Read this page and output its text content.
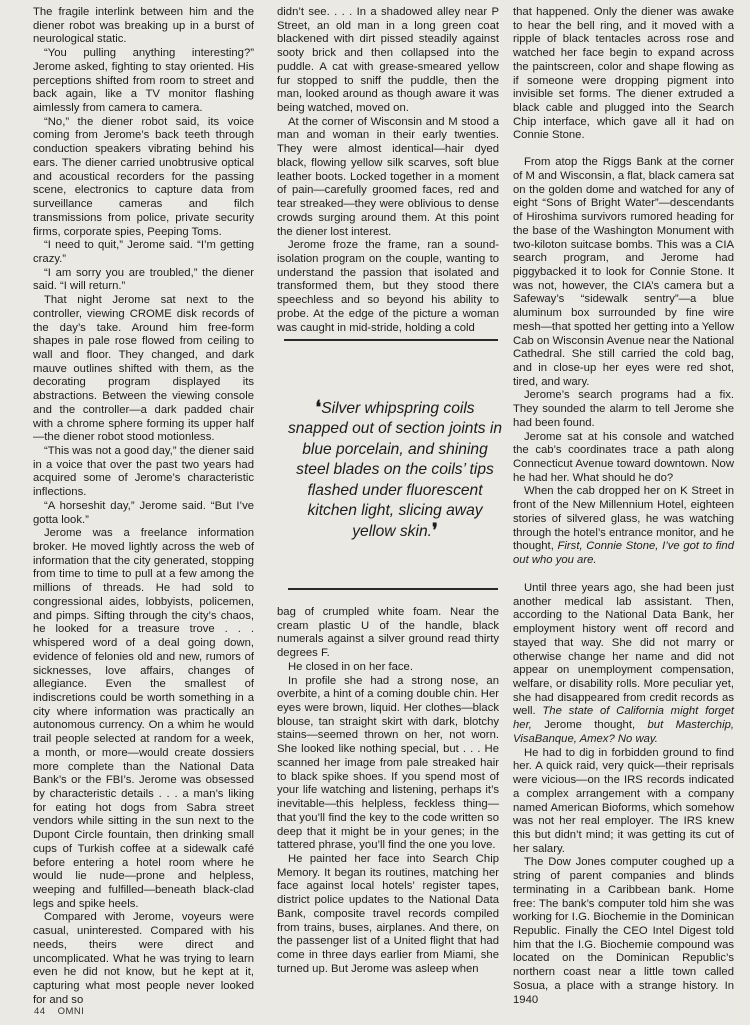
The fragile interlink between him and the diener robot was breaking up in a burst of neurological static.

“You pulling anything interesting?” Jerome asked, fighting to stay oriented. His perceptions shifted from room to street and back again, like a TV monitor flashing aimlessly from camera to camera.

“No,” the diener robot said, its voice coming from Jerome’s back teeth through conduction speakers vibrating behind his ears. The diener carried unobtrusive optical and acoustical recorders for the passing scene, electronics to capture data from surveillance cameras and filch transmissions from police, private security firms, corporate spies, Peeping Toms.

“I need to quit,” Jerome said. “I’m getting crazy.”

“I am sorry you are troubled,” the diener said. “I will return.”

That night Jerome sat next to the controller, viewing CROME disk records of the day’s take. Around him free-form shapes in pale rose flowed from ceiling to wall and floor. They changed, and dark mauve outlines shifted with them, as the decorating program displayed its abstractions. Between the viewing console and the controller—a dark padded chair with a chrome sphere forming its upper half—the diener robot stood motionless.

“This was not a good day,” the diener said in a voice that over the past two years had acquired some of Jerome’s characteristic inflections.

“A horseshit day,” Jerome said. “But I’ve gotta look.”

Jerome was a freelance information broker. He moved lightly across the web of information that the city generated, stopping from time to time to pull at a few among the millions of threads. He had sold to congressional aides, lobbyists, policemen, and pimps. Sifting through the city’s chaos, he looked for a treasure trove . . . whispered word of a deal going down, evidence of felonies old and new, rumors of sicknesses, love affairs, changes of allegiance. Even the smallest of indiscretions could be worth something in a city where information was practically an autonomous currency. On a whim he would trail people selected at random for a week, a month, or more—would create dossiers more complete than the National Data Bank’s or the FBI’s. Jerome was obsessed by characteristic details . . . a man’s liking for eating hot dogs from Sabra street vendors while sitting in the sun next to the Dupont Circle fountain, then drinking small cups of Turkish coffee at a sidewalk café before entering a hotel room where he would lie nude—prone and helpless, weeping and fulfilled—beneath black-clad legs and spike heels.

Compared with Jerome, voyeurs were casual, uninterested. Compared with his needs, theirs were direct and uncomplicated. What he was trying to learn even he did not know, but he kept at it, capturing what most people never looked for and so

didn’t see. . . . In a shadowed alley near P Street, an old man in a long green coat blackened with dirt pissed steadily against sooty brick and then collapsed into the puddle. A cat with grease-smeared yellow fur stopped to sniff the puddle, then the man, looked around as though aware it was being watched, moved on.

At the corner of Wisconsin and M stood a man and woman in their early twenties. They were almost identical—hair dyed black, flowing yellow silk scarves, soft blue leather boots. Locked together in a moment of pain—carefully groomed faces, red and tear streaked—they were oblivious to dense crowds surging around them. At this point the diener lost interest.

Jerome froze the frame, ran a sound-isolation program on the couple, wanting to understand the passion that isolated and transformed them, but they stood there speechless and so beyond his ability to probe. At the edge of the picture a woman was caught in mid-stride, holding a cold

❛Silver whipspring coils snapped out of section joints in blue porcelain, and shining steel blades on the coils’ tips flashed under fluorescent kitchen light, slicing away yellow skin.❜

bag of crumpled white foam. Near the cream plastic U of the handle, black numerals against a silver ground read thirty degrees F.

He closed in on her face.

In profile she had a strong nose, an overbite, a hint of a coming double chin. Her eyes were brown, liquid. Her clothes—black blouse, tan straight skirt with dark, blotchy stains—seemed thrown on her, not worn. She looked like nothing special, but . . . He scanned her image from pale streaked hair to black spike shoes. If you spend most of your life watching and listening, perhaps it’s inevitable—this helpless, feckless thing—that you’ll find the key to the code written so deep that it might be in your genes; in the tattered phrase, you’ll find the one you love.

He painted her face into Search Chip Memory. It began its routines, matching her face against local hotels’ register tapes, district police updates to the National Data Bank, composite travel records compiled from trains, buses, airplanes. And there, on the passenger list of a United flight that had come in three days earlier from Miami, she turned up. But Jerome was asleep when

that happened. Only the diener was awake to hear the bell ring, and it moved with a ripple of black tentacles across rose and watched her face begin to expand across the paintscreen, color and shape flowing as if someone were dropping pigment into invisible set forms. The diener extruded a black cable and plugged into the Search Chip interface, which gave all it had on Connie Stone.

From atop the Riggs Bank at the corner of M and Wisconsin, a flat, black camera sat on the golden dome and watched for any of eight “Sons of Bright Water”—descendants of Hiroshima survivors rumored heading for the base of the Washington Monument with two-kiloton suitcase bombs. This was a CIA search program, and Jerome had piggybacked it to look for Connie Stone. It was not, however, the CIA’s camera but a Safeway’s “sidewalk sentry”—a blue aluminum box surrounded by fine wire mesh—that spotted her getting into a Yellow Cab on Wisconsin Avenue near the National Cathedral. She still carried the cold bag, and in close-up her eyes were red shot, tired, and wary.

Jerome’s search programs had a fix. They sounded the alarm to tell Jerome she had been found.

Jerome sat at his console and watched the cab’s coordinates trace a path along Connecticut Avenue toward downtown. Now he had her. What should he do?

When the cab dropped her on K Street in front of the New Millennium Hotel, eighteen stories of silvered glass, he was watching through the hotel’s entrance monitor, and he thought, First, Connie Stone, I’ve got to find out who you are.

Until three years ago, she had been just another medical lab assistant. Then, according to the National Data Bank, her employment history went off record and stayed that way. She did not marry or otherwise change her name and did not appear on unemployment compensation, welfare, or disability rolls. More peculiar yet, she had disappeared from credit records as well. The state of California might forget her, Jerome thought, but Masterchip, VisaBanque, Amex? No way.

He had to dig in forbidden ground to find her. A quick raid, very quick—their reprisals were vicious—on the IRS records indicated a complex arrangement with a company named American Bioforms, which somehow was not her real employer. The IRS knew this but didn’t mind; it was getting its cut of her salary.

The Dow Jones computer coughed up a string of parent companies and blinds terminating in a Caribbean bank. Home free: The bank’s computer told him she was working for I.G. Biochemie in the Dominican Republic. Finally the CEO Intel Digest told him that the I.G. Biochemie compound was located on the Dominican Republic’s northern coast near a little town called Sosua, a place with a strange history. In 1940

44 OMNI
